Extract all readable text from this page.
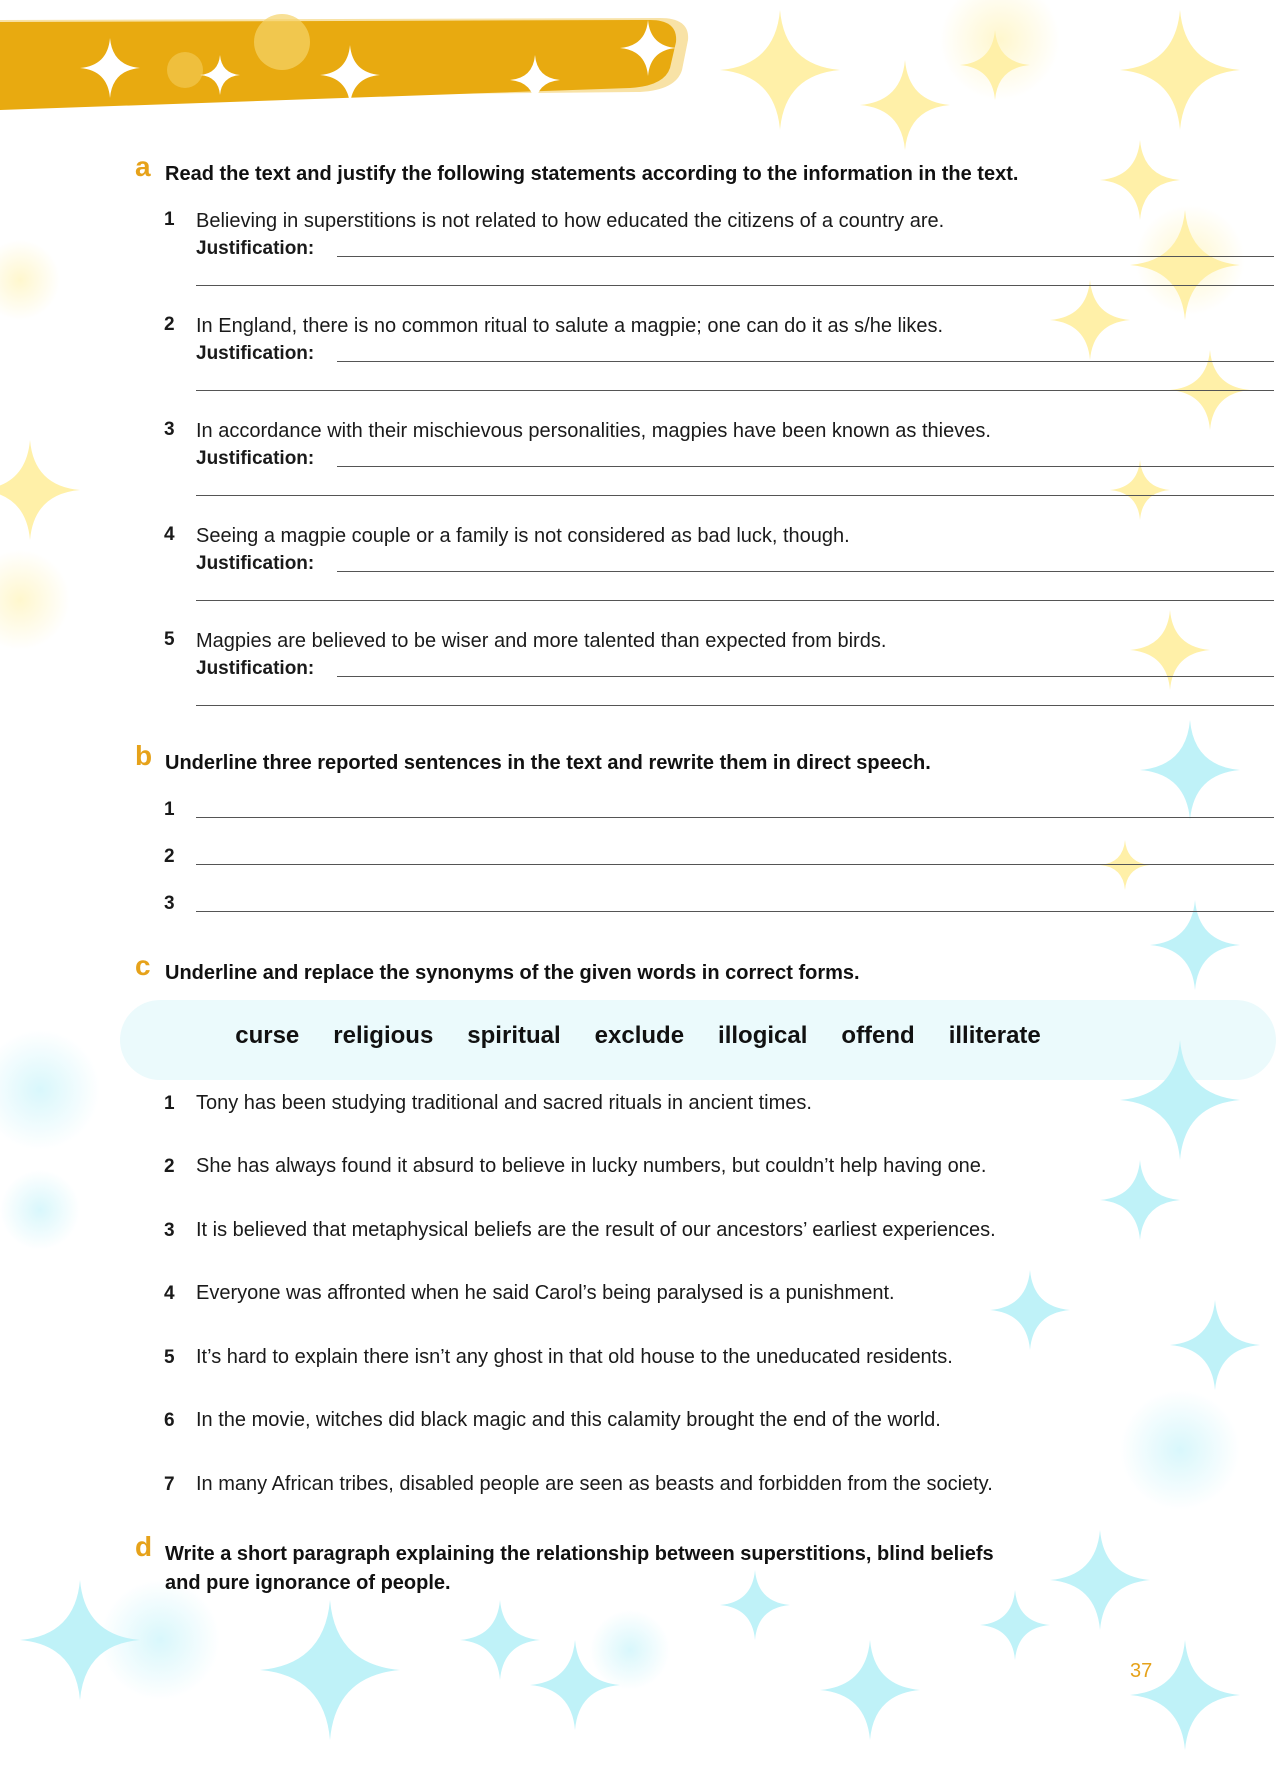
a Read the text and justify the following statements according to the information in the text.
1	Believing in superstitions is not related to how educated the citizens of a country are.
Justification:
2	In England, there is no common ritual to salute a magpie; one can do it as s/he likes.
Justification:
3	In accordance with their mischievous personalities, magpies have been known as thieves.
Justification:
4	Seeing a magpie couple or a family is not considered as bad luck, though.
Justification:
5	Magpies are believed to be wiser and more talented than expected from birds.
Justification:
b Underline three reported sentences in the text and rewrite them in direct speech.
1
2
3
c Underline and replace the synonyms of the given words in correct forms.
curse	religious	spiritual	exclude	illogical	offend	illiterate
1 Tony has been studying traditional and sacred rituals in ancient times.
2 She has always found it absurd to believe in lucky numbers, but couldn’t help having one.
3 It is believed that metaphysical beliefs are the result of our ancestors’ earliest experiences.
4 Everyone was affronted when he said Carol’s being paralysed is a punishment.
5 It’s hard to explain there isn’t any ghost in that old house to the uneducated residents.
6 In the movie, witches did black magic and this calamity brought the end of the world.
7 In many African tribes, disabled people are seen as beasts and forbidden from the society.
d Write a short paragraph explaining the relationship between superstitions, blind beliefs
and pure ignorance of people.
37
